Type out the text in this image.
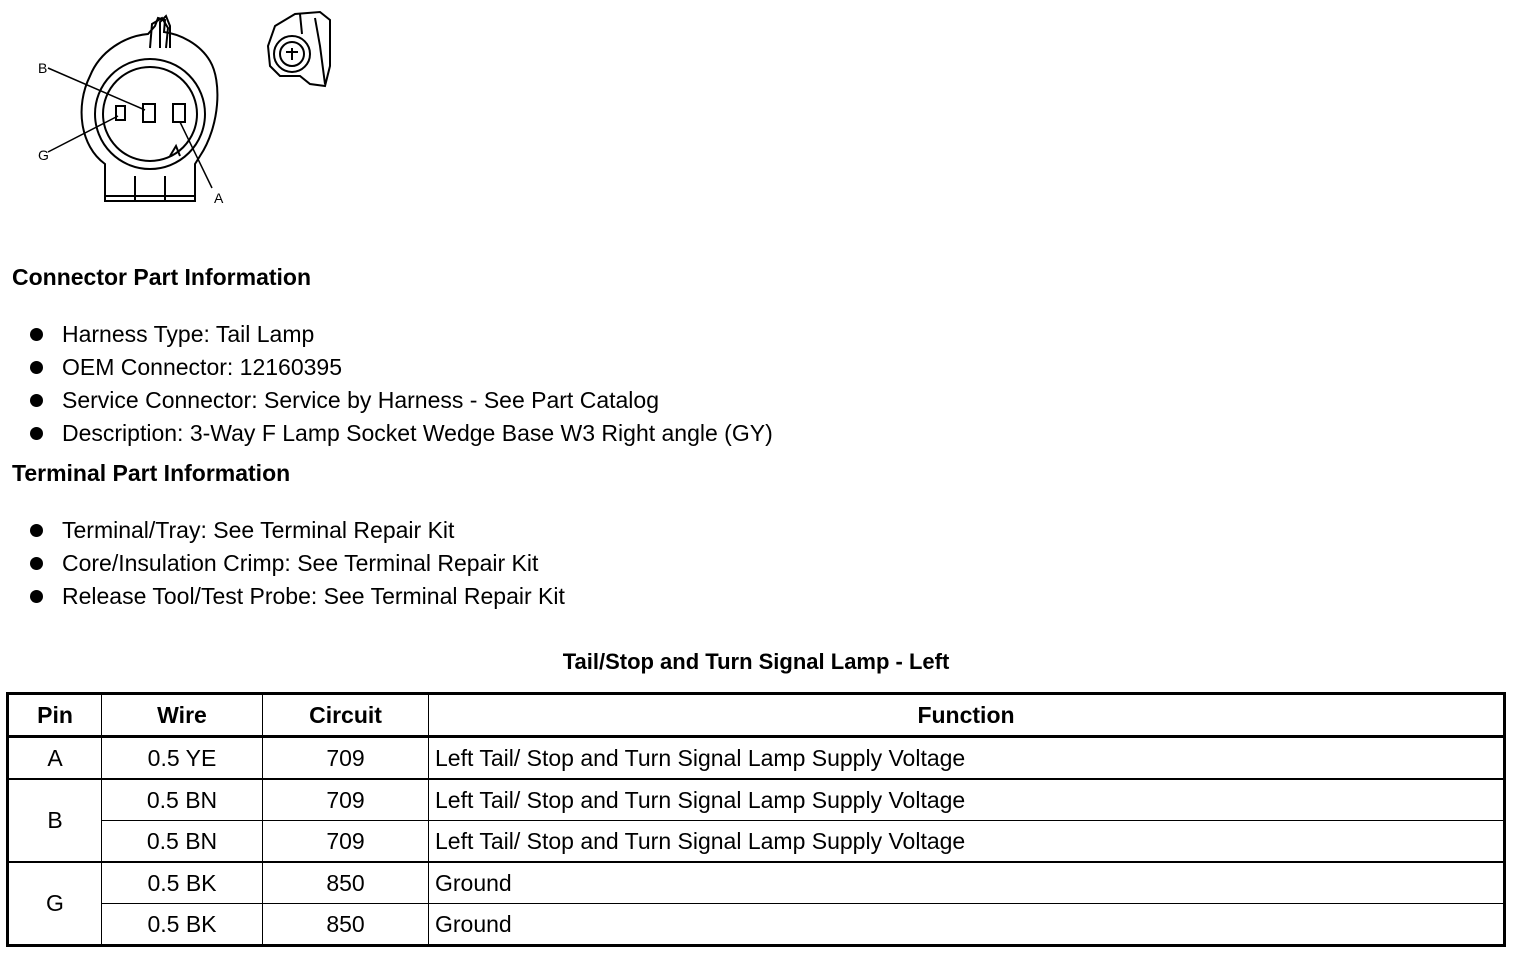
B
G
A
Connector Part Information
Harness Type: Tail Lamp
OEM Connector: 12160395
Service Connector: Service by Harness - See Part Catalog
Description: 3-Way F Lamp Socket Wedge Base W3 Right angle (GY)
Terminal Part Information
Terminal/Tray: See Terminal Repair Kit
Core/Insulation Crimp: See Terminal Repair Kit
Release Tool/Test Probe: See Terminal Repair Kit
Tail/Stop and Turn Signal Lamp - Left
Pin	Wire	Circuit	Function
A	0.5 YE	709	Left Tail/ Stop and Turn Signal Lamp Supply Voltage
B	0.5 BN	709	Left Tail/ Stop and Turn Signal Lamp Supply Voltage
	0.5 BN	709	Left Tail/ Stop and Turn Signal Lamp Supply Voltage
G	0.5 BK	850	Ground
	0.5 BK	850	Ground
